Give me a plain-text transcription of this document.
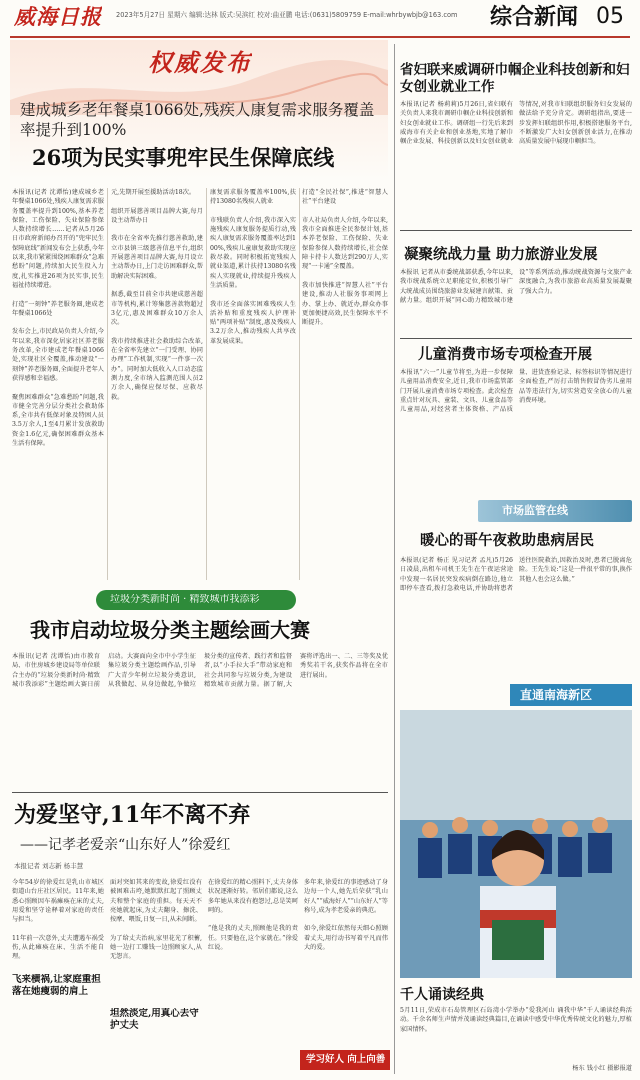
威海日报 2023年5月27日 星期六 编辑:达林 版式:吴滨红 校对:曲亚鹏 电话:(0631)5809759 E-mail:whrbywbjb@163.com	综合新闻 05
权威发布
建成城乡老年餐桌1066处,残疾人康复需求服务覆盖率提升到100%
26项为民实事兜牢民生保障底线
本报讯(记者 沈谭怡)建成城乡老年餐桌1066处,残疾人康复需求服务覆盖率提升到100%,基本养老保险、工伤保险、失业保险参保人数持续增长……记者从5月26日市政府新闻办召开的“兜牢民生保障底线”新闻发布会上获悉,今年以来,我市紧紧围绕困难群众“急难愁盼”问题,持续加大民生投入力度,扎实推进26项为民实事,民生福祉持续增进。

打造“一刻钟”养老服务圈,建成老年餐桌1066处

发布会上,市民政局负责人介绍,今年以来,我市深化居家社区养老服务改革,全市建成老年餐桌1066处,实现社区全覆盖,推动建设“一刻钟”养老服务圈,全面提升老年人获得感和幸福感。

聚焦困难群众“急难愁盼”问题,我市健全完善分层分类社会救助体系,全市共有低保对象及特困人员3.5万余人,1至4月累计发放救助资金1.6亿元,确保困难群众基本生活有保障。
元,先期开展至援助活动18次。

组织开展慈善项目品牌大赛,每月设主动帮办日

我市在全省率先推行慈善救助,建立市县镇三级慈善信息平台,组织开展慈善项目品牌大赛,每月设立主动帮办日,上门走访困难群众,帮助解决实际困难。

据悉,截至目前全市共建成慈善超市等机构,累计筹集慈善款物超过3亿元,惠及困难群众10万余人次。

我市持续推进社会救助综合改革,在全省率先建立“一门受理、协同办理”工作机制,实现“一件事一次办”。同时加大低收入人口动态监测力度,全市纳入监测范围人员2万余人,确保应保尽保、应救尽救。
康复需求服务覆盖率100%,扶持13080名残疾人就业

市残联负责人介绍,我市深入实施残疾人康复服务提质行动,残疾人康复需求服务覆盖率达到100%,残疾儿童康复救助实现应救尽救。同时积极拓宽残疾人就业渠道,累计扶持13080名残疾人实现就业,持续提升残疾人生活质量。

我市还全面落实困难残疾人生活补贴和重度残疾人护理补贴“两项补贴”制度,惠及残疾人3.2万余人,推动残疾人共享改革发展成果。
打造“全民社保”,推进“智慧人社”平台建设

市人社局负责人介绍,今年以来,我市全面推进全民参保计划,基本养老保险、工伤保险、失业保险参保人数持续增长,社会保障卡持卡人数达到290万人,实现“一卡通”全覆盖。

我市加快推进“智慧人社”平台建设,推动人社服务事项网上办、掌上办、就近办,群众办事更加便捷高效,民生保障水平不断提升。
省妇联来威调研巾帼企业科技创新和妇女创业就业工作
本报讯(记者 杨莉莉)5月26日,省妇联有关负责人来我市调研巾帼企业科技创新和妇女创业就业工作。调研组一行先后来到威海市有关企业和创业基地,实地了解巾帼企业发展、科技创新以及妇女创业就业等情况,对我市妇联组织服务妇女发展的做法给予充分肯定。调研组指出,要进一步发挥妇联组织作用,积极搭建服务平台,不断激发广大妇女创新创业活力,在推动高质量发展中展现巾帼担当。
凝聚统战力量 助力旅游业发展
本报讯 记者从市委统战部获悉,今年以来,我市统战系统立足职能定位,积极引导广大统战成员围绕旅游业发展建言献策、贡献力量。组织开展“同心助力精致城市建设”等系列活动,推动统战资源与文旅产业深度融合,为我市旅游业高质量发展凝聚了强大合力。
儿童消费市场专项检查开展
本报讯“六一”儿童节将至,为进一步保障儿童用品消费安全,近日,我市市场监管部门开展儿童消费市场专项检查。此次检查重点针对玩具、童装、文具、儿童食品等儿童用品,对经营者主体资格、产品质量、进货查验记录、标签标识等情况进行全面检查,严厉打击销售假冒伪劣儿童用品等违法行为,切实营造安全放心的儿童消费环境。
市场监管在线
暖心的哥午夜救助患病居民
本报讯(记者 杨正 见习记者 孟凡)5月26日凌晨,出租车司机王先生在午夜运营途中发现一名居民突发疾病倒在路边,他立即停车查看,拨打急救电话,并协助将患者送往医院救治,因救治及时,患者已脱离危险。王先生说:“这是一件很平常的事,换作其他人也会这么做。”
直通南海新区
千人诵读经典
5月11日,荣成市石岛管理区石岛湾小学举办“爱我河山 诵我中华”千人诵读经典活动。千余名师生声情并茂诵读经典篇目,在诵读中感受中华优秀传统文化的魅力,厚植家国情怀。
杨东 钱小红 摄影报道
垃圾分类新时尚 · 精致城市我添彩
我市启动垃圾分类主题绘画大赛
本报讯(记者 沈谭怡)由市教育局、市住房城乡建设局等单位联合主办的“垃圾分类新时尚·精致城市我添彩”主题绘画大赛日前启动。大赛面向全市中小学生征集垃圾分类主题绘画作品,引导广大青少年树立垃圾分类意识,从我做起、从身边做起,争做垃圾分类的宣传者、践行者和监督者,以“小手拉大手”带动家庭和社会共同参与垃圾分类,为建设精致城市贡献力量。据了解,大赛将评选出一、二、三等奖及优秀奖若干名,获奖作品将在全市进行展出。
为爱坚守,11年不离不弃
——记孝老爱亲“山东好人”徐爱红
本报记者 刘志新 杨丰慧
今年54岁的徐爱红是乳山市城区街道山台庄社区居民。11年来,她悉心照顾因车祸瘫痪在床的丈夫,用爱和坚守诠释着对家庭的责任与担当。

11年前一次意外,丈夫遭遇车祸受伤,从此瘫痪在床、生活不能自理。
飞来横祸,让家庭重担落在她瘦弱的肩上
面对突如其来的变故,徐爱红没有被困难击垮,她默默扛起了照顾丈夫和整个家庭的重担。每天天不亮她就起床,为丈夫翻身、擦洗、按摩、喂饭,日复一日,从未间断。

为了给丈夫治病,家里花光了积蓄,她一边打工赚钱一边照顾家人,从无怨言。
坦然淡定,用真心去守护丈夫
在徐爱红的精心照料下,丈夫身体状况逐渐好转。邻居们都说,这么多年她从来没有抱怨过,总是笑呵呵的。

“他是我的丈夫,照顾他是我的责任。只要他在,这个家就在。”徐爱红说。
多年来,徐爱红的事迹感动了身边每一个人,她先后荣获“乳山好人”“威海好人”“山东好人”等称号,成为孝老爱亲的典范。

如今,徐爱红依然每天细心照顾着丈夫,用行动书写着平凡而伟大的爱。
学习好人 向上向善
